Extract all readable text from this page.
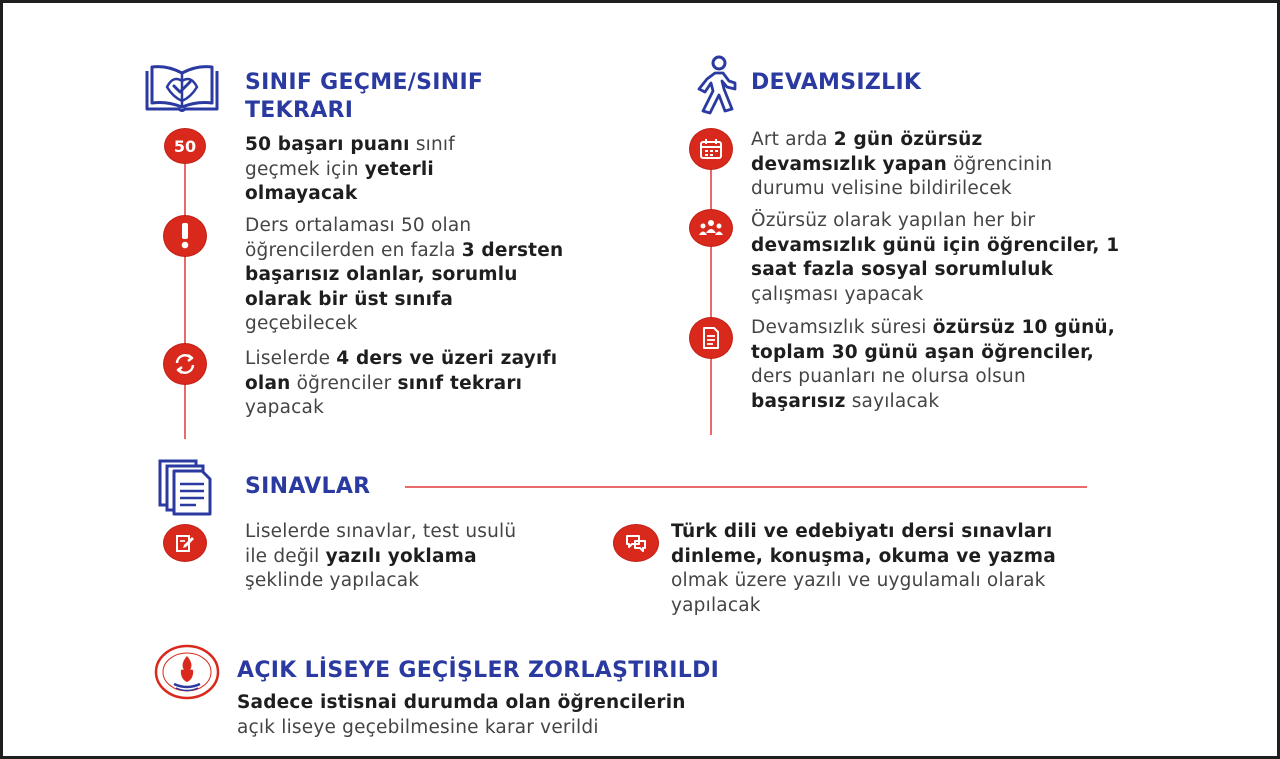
SINIF GEÇME/SINIF
TEKRARI
50	50 başarı puanı sınıf geçmek için yeterli olmayacak
Ders ortalaması 50 olan öğrencilerden en fazla 3 dersten başarısız olanlar, sorumlu olarak bir üst sınıfa geçebilecek
Liselerde 4 ders ve üzeri zayıfı olan öğrenciler sınıf tekrarı yapacak
DEVAMSIZLIK
Art arda 2 gün özürsüz devamsızlık yapan öğrencinin durumu velisine bildirilecek
Özürsüz olarak yapılan her bir devamsızlık günü için öğrenciler, 1 saat fazla sosyal sorumluluk çalışması yapacak
Devamsızlık süresi özürsüz 10 günü, toplam 30 günü aşan öğrenciler, ders puanları ne olursa olsun başarısız sayılacak
SINAVLAR
Liselerde sınavlar, test usulü ile değil yazılı yoklama şeklinde yapılacak
Türk dili ve edebiyatı dersi sınavları dinleme, konuşma, okuma ve yazma olmak üzere yazılı ve uygulamalı olarak yapılacak
AÇIK LİSEYE GEÇİŞLER ZORLAŞTIRILDI
Sadece istisnai durumda olan öğrencilerin
açık liseye geçebilmesine karar verildi
